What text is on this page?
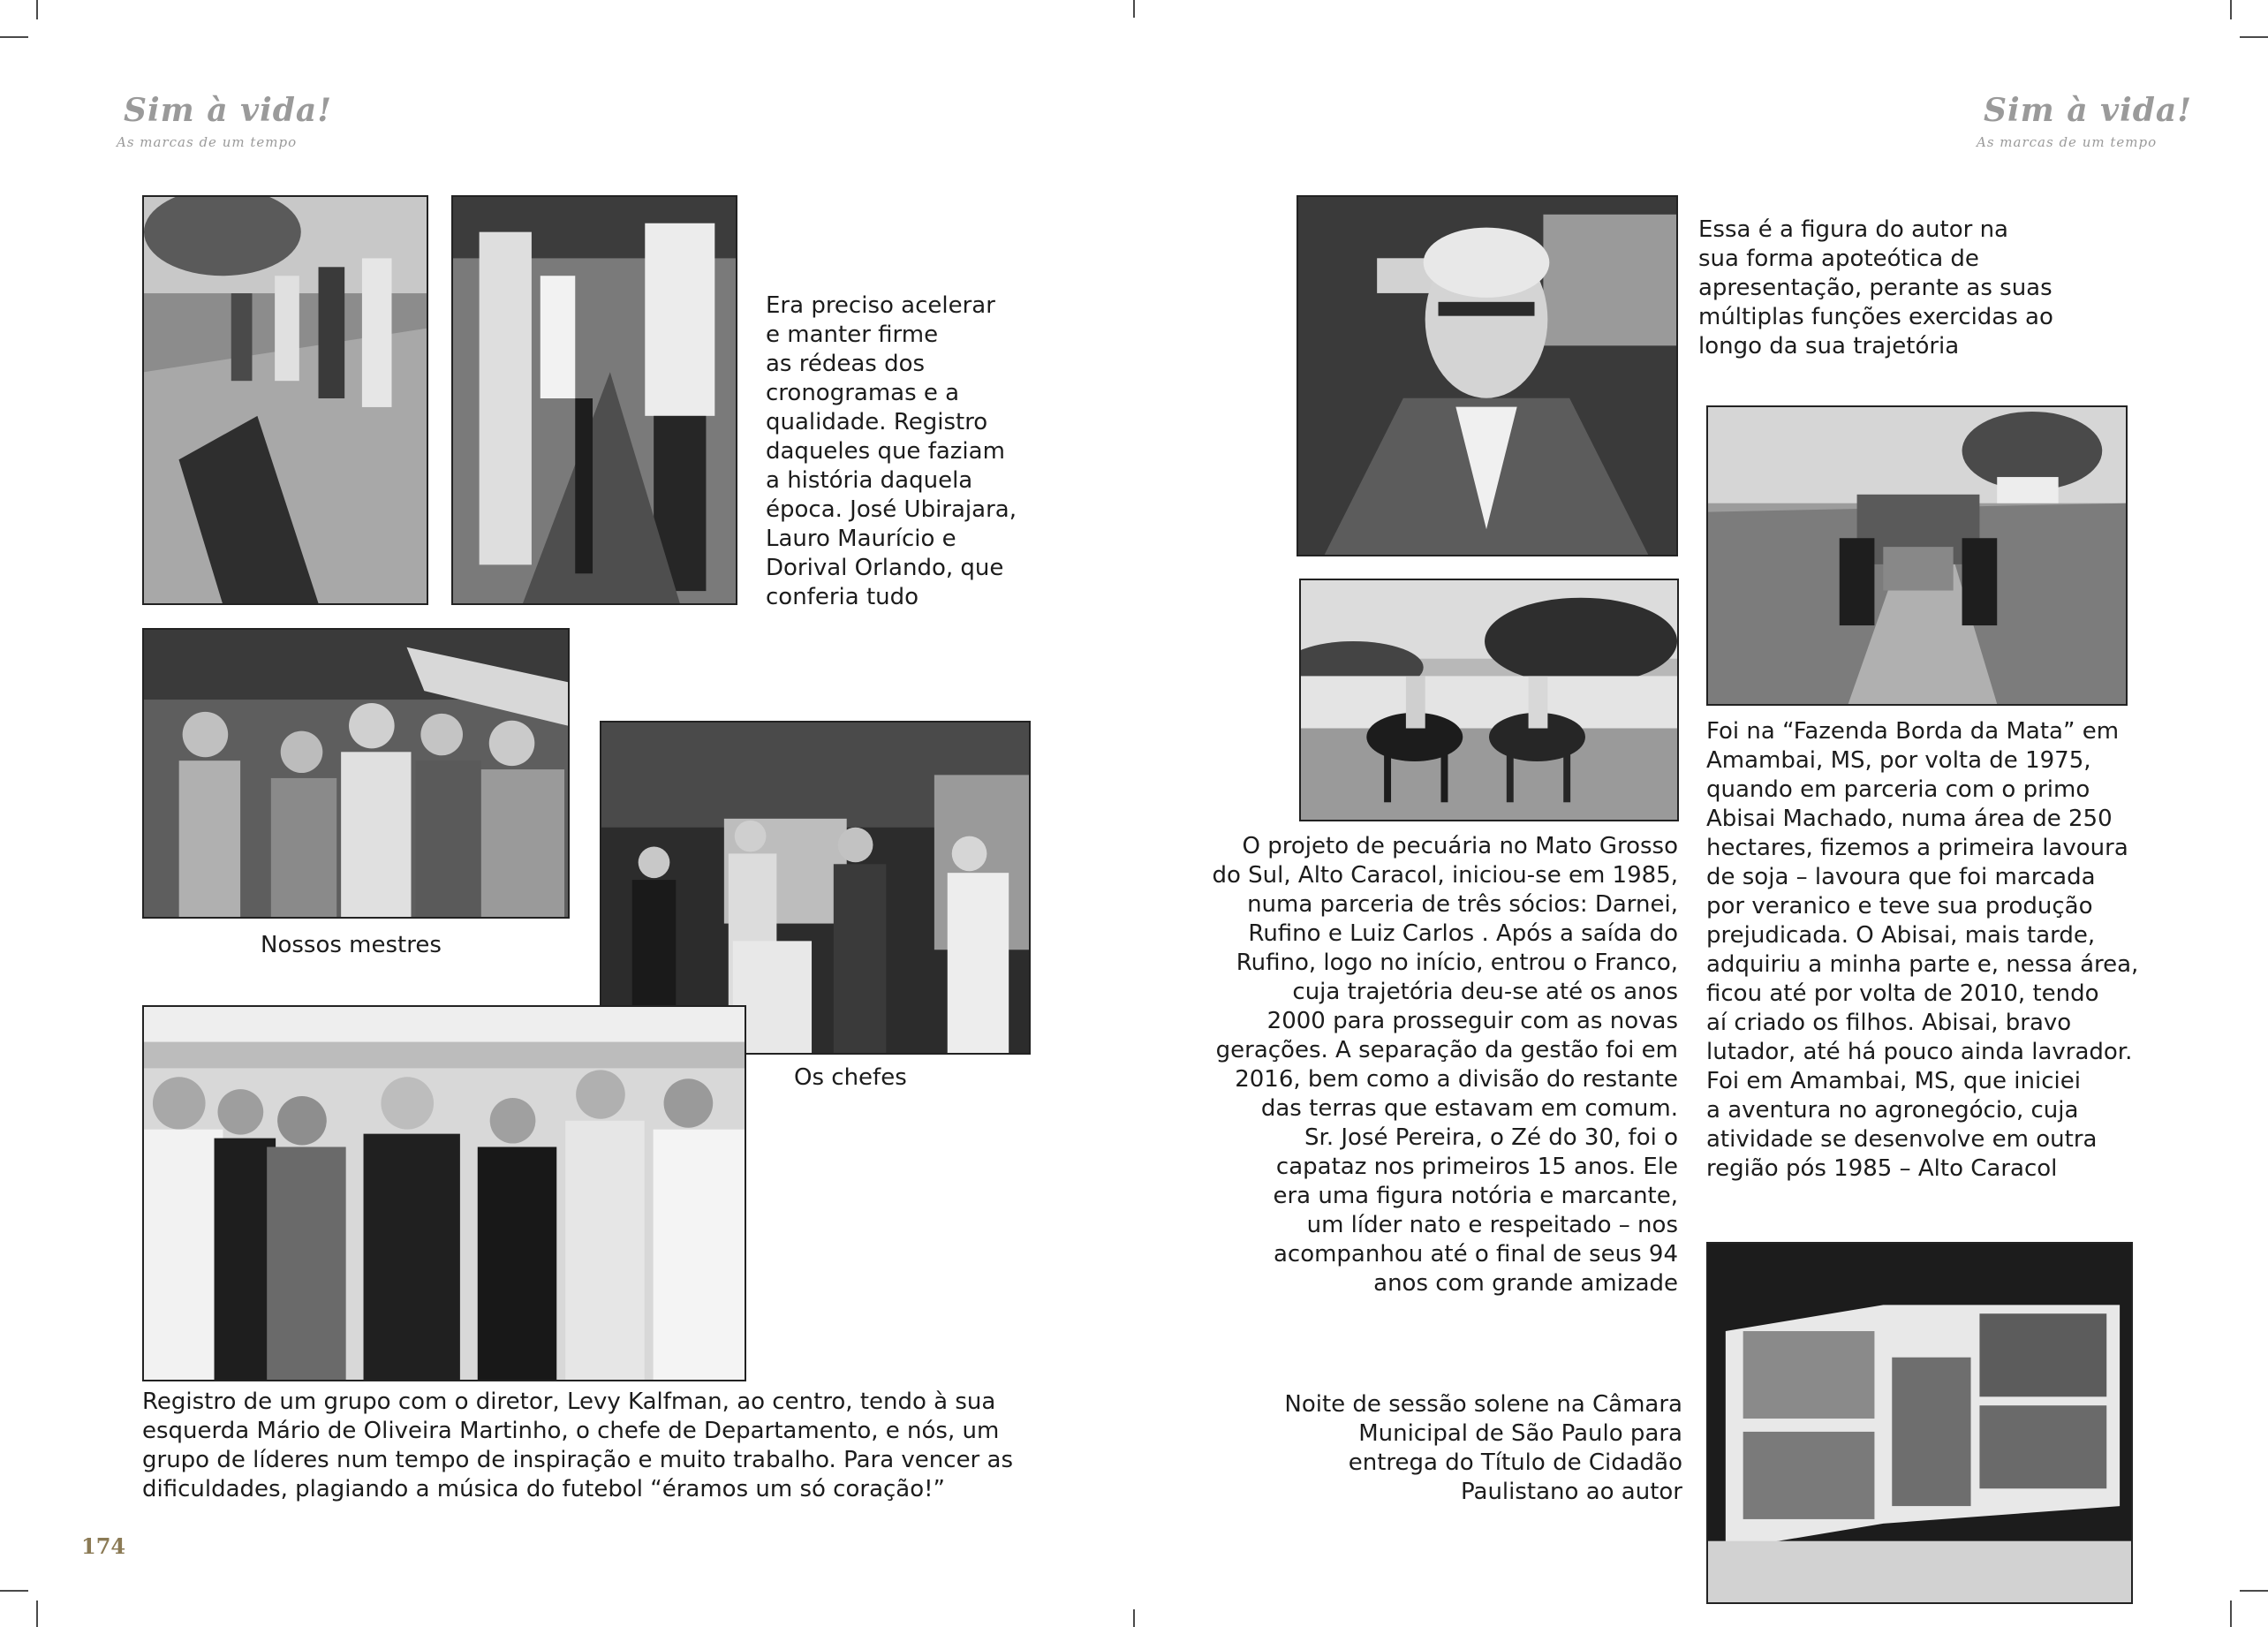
Sim à vida!
As marcas de um tempo
Sim à vida!
As marcas de um tempo

Era preciso acelerar

e manter firme

as rédeas dos

cronogramas e a

qualidade. Registro

daqueles que faziam

a história daquela

época. José Ubirajara,

Lauro Maurício e

Dorival Orlando, que

conferia tudo

Nossos mestres
Os chefes

Registro de um grupo com o diretor, Levy Kalfman, ao centro, tendo à sua

esquerda Mário de Oliveira Martinho, o chefe de Departamento, e nós, um

grupo de líderes num tempo de inspiração e muito trabalho. Para vencer as

dificuldades, plagiando a música do futebol “éramos um só coração!”

174

Essa é a figura do autor na

sua forma apoteótica de

apresentação, perante as suas

múltiplas funções exercidas ao

longo da sua trajetória

O projeto de pecuária no Mato Grosso

do Sul, Alto Caracol, iniciou-se em 1985,

numa parceria de três sócios: Darnei,

Rufino e Luiz Carlos . Após a saída do

Rufino, logo no início, entrou o Franco,

cuja trajetória deu-se até os anos

2000 para prosseguir com as novas

gerações. A separação da gestão foi em

2016, bem como a divisão do restante

das terras que estavam em comum.

Sr. José Pereira, o Zé do 30, foi o

capataz nos primeiros 15 anos. Ele

era uma figura notória e marcante,

um líder nato e respeitado – nos

acompanhou até o final de seus 94

anos com grande amizade

Foi na “Fazenda Borda da Mata” em

Amambai, MS, por volta de 1975,

quando em parceria com o primo

Abisai Machado, numa área de 250

hectares, fizemos a primeira lavoura

de soja – lavoura que foi marcada

por veranico e teve sua produção

prejudicada. O Abisai, mais tarde,

adquiriu a minha parte e, nessa área,

ficou até por volta de 2010, tendo

aí criado os filhos. Abisai, bravo

lutador, até há pouco ainda lavrador.

Foi em Amambai, MS, que iniciei

a aventura no agronegócio, cuja

atividade se desenvolve em outra

região pós 1985 – Alto Caracol

Noite de sessão solene na Câmara

Municipal de São Paulo para

entrega do Título de Cidadão

Paulistano ao autor
